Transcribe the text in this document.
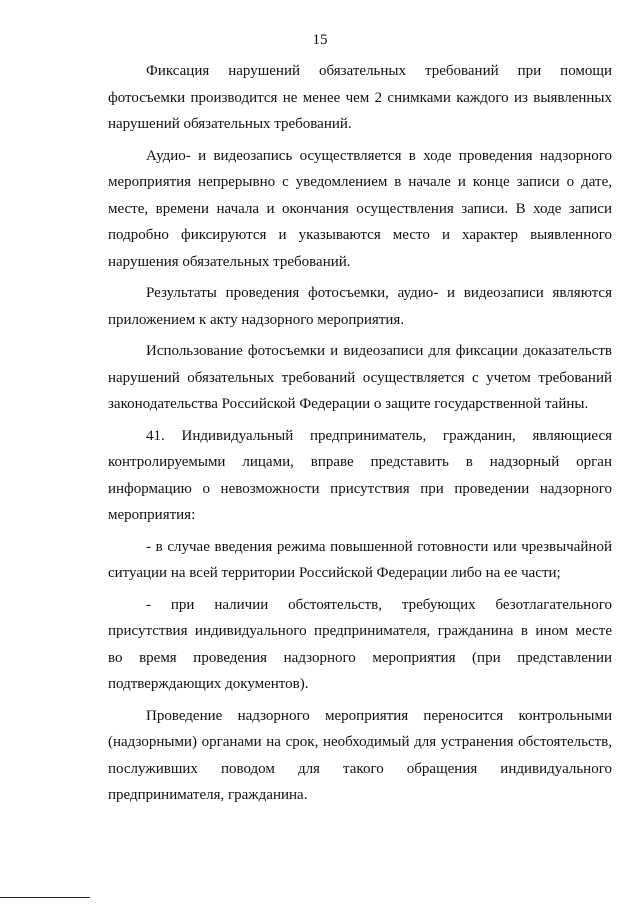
15
Фиксация нарушений обязательных требований при помощи
фотосъемки производится не менее чем 2 снимками каждого из выявленных
нарушений обязательных требований.
Аудио- и видеозапись осуществляется в ходе проведения надзорного
мероприятия непрерывно с уведомлением в начале и конце записи о дате,
месте, времени начала и окончания осуществления записи. В ходе записи
подробно фиксируются и указываются место и характер выявленного
нарушения обязательных требований.
Результаты проведения фотосъемки, аудио- и видеозаписи являются
приложением к акту надзорного мероприятия.
Использование фотосъемки и видеозаписи для фиксации доказательств
нарушений обязательных требований осуществляется с учетом требований
законодательства Российской Федерации о защите государственной тайны.
41. Индивидуальный предприниматель, гражданин, являющиеся
контролируемыми лицами, вправе представить в надзорный орган
информацию о невозможности присутствия при проведении надзорного
мероприятия:
- в случае введения режима повышенной готовности или чрезвычайной
ситуации на всей территории Российской Федерации либо на ее части;
- при наличии обстоятельств, требующих безотлагательного
присутствия индивидуального предпринимателя, гражданина в ином месте
во время проведения надзорного мероприятия (при представлении
подтверждающих документов).
Проведение надзорного мероприятия переносится контрольными
(надзорными) органами на срок, необходимый для устранения обстоятельств,
послуживших поводом для такого обращения индивидуального
предпринимателя, гражданина.
